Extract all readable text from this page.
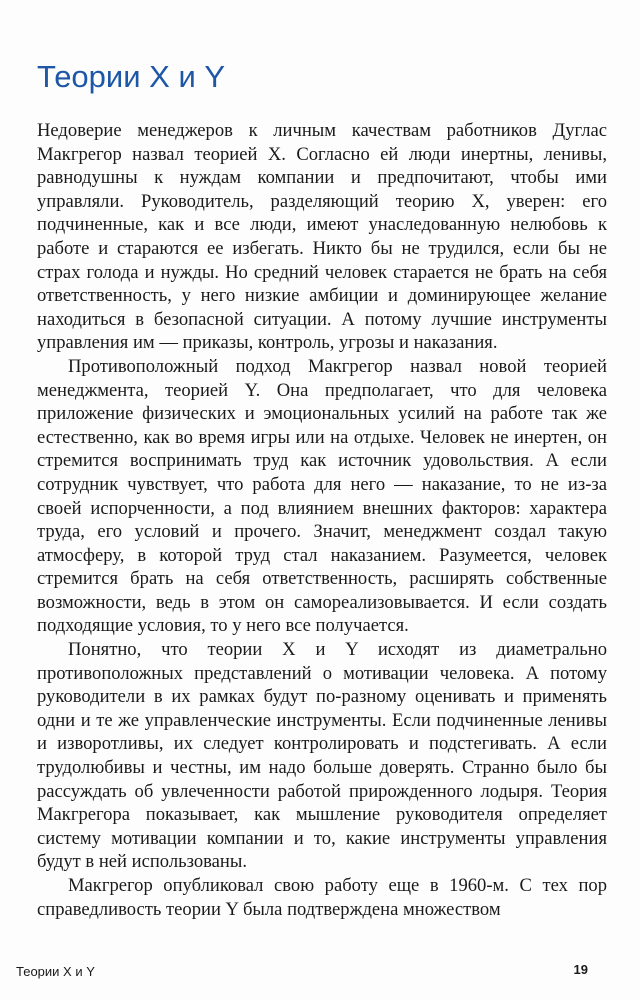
Теории X и Y

Недоверие менеджеров к личным качествам работников Дуглас Макгрегор назвал теорией X. Согласно ей люди инертны, ленивы, равнодушны к нуждам компании и предпочитают, чтобы ими управляли. Руководитель, разделяющий теорию X, уверен: его подчиненные, как и все люди, имеют унаследованную нелюбовь к работе и стараются ее избегать. Никто бы не трудился, если бы не страх голода и нужды. Но средний человек старается не брать на себя ответственность, у него низкие амбиции и доминирующее желание находиться в безопасной ситуации. А потому лучшие инструменты управления им — приказы, контроль, угрозы и наказания.

Противоположный подход Макгрегор назвал новой теорией менеджмента, теорией Y. Она предполагает, что для человека приложение физических и эмоциональных усилий на работе так же естественно, как во время игры или на отдыхе. Человек не инертен, он стремится воспринимать труд как источник удовольствия. А если сотрудник чувствует, что работа для него — наказание, то не из-за своей испорченности, а под влиянием внешних факторов: характера труда, его условий и прочего. Значит, менеджмент создал такую атмосферу, в которой труд стал наказанием. Разумеется, человек стремится брать на себя ответственность, расширять собственные возможности, ведь в этом он самореализовывается. И если создать подходящие условия, то у него все получается.

Понятно, что теории X и Y исходят из диаметрально противоположных представлений о мотивации человека. А потому руководители в их рамках будут по-разному оценивать и применять одни и те же управленческие инструменты. Если подчиненные ленивы и изворотливы, их следует контролировать и подстегивать. А если трудолюбивы и честны, им надо больше доверять. Странно было бы рассуждать об увлеченности работой прирожденного лодыря. Теория Макгрегора показывает, как мышление руководителя определяет систему мотивации компании и то, какие инструменты управления будут в ней использованы.

Макгрегор опубликовал свою работу еще в 1960-м. С тех пор справедливость теории Y была подтверждена множеством

Теории X и Y	19
